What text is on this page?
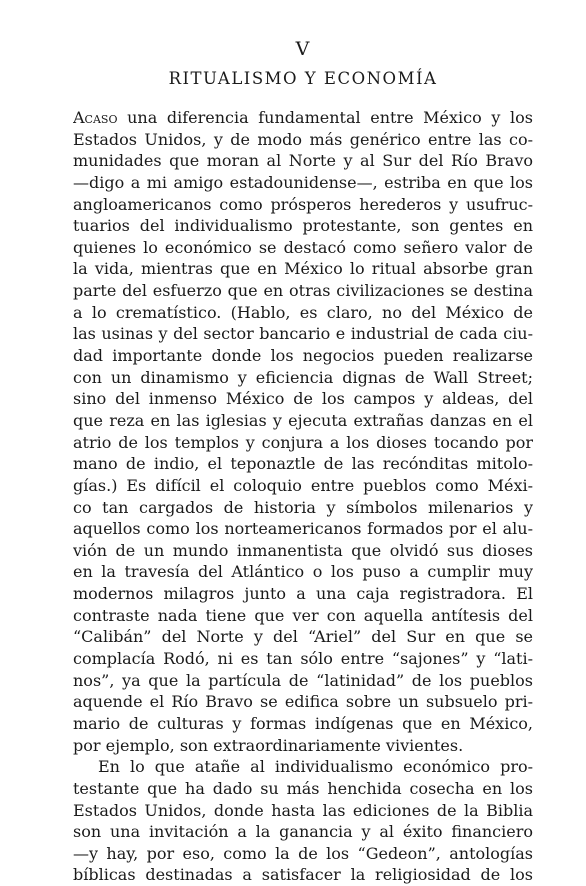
V
RITUALISMO Y ECONOMÍA
Acaso una diferencia fundamental entre México y los
Estados Unidos, y de modo más genérico entre las co-
munidades que moran al Norte y al Sur del Río Bravo
—digo a mi amigo estadounidense—, estriba en que los
angloamericanos como prósperos herederos y usufruc-
tuarios del individualismo protestante, son gentes en
quienes lo económico se destacó como señero valor de
la vida, mientras que en México lo ritual absorbe gran
parte del esfuerzo que en otras civilizaciones se destina
a lo crematístico. (Hablo, es claro, no del México de
las usinas y del sector bancario e industrial de cada ciu-
dad importante donde los negocios pueden realizarse
con un dinamismo y eficiencia dignas de Wall Street;
sino del inmenso México de los campos y aldeas, del
que reza en las iglesias y ejecuta extrañas danzas en el
atrio de los templos y conjura a los dioses tocando por
mano de indio, el teponaztle de las recónditas mitolo-
gías.) Es difícil el coloquio entre pueblos como Méxi-
co tan cargados de historia y símbolos milenarios y
aquellos como los norteamericanos formados por el alu-
vión de un mundo inmanentista que olvidó sus dioses
en la travesía del Atlántico o los puso a cumplir muy
modernos milagros junto a una caja registradora. El
contraste nada tiene que ver con aquella antítesis del
“Calibán” del Norte y del “Ariel” del Sur en que se
complacía Rodó, ni es tan sólo entre “sajones” y “lati-
nos”, ya que la partícula de “latinidad” de los pueblos
aquende el Río Bravo se edifica sobre un subsuelo pri-
mario de culturas y formas indígenas que en México,
por ejemplo, son extraordinariamente vivientes.
En lo que atañe al individualismo económico pro-
testante que ha dado su más henchida cosecha en los
Estados Unidos, donde hasta las ediciones de la Biblia
son una invitación a la ganancia y al éxito financiero
—y hay, por eso, como la de los “Gedeon”, antologías
bíblicas destinadas a satisfacer la religiosidad de los
